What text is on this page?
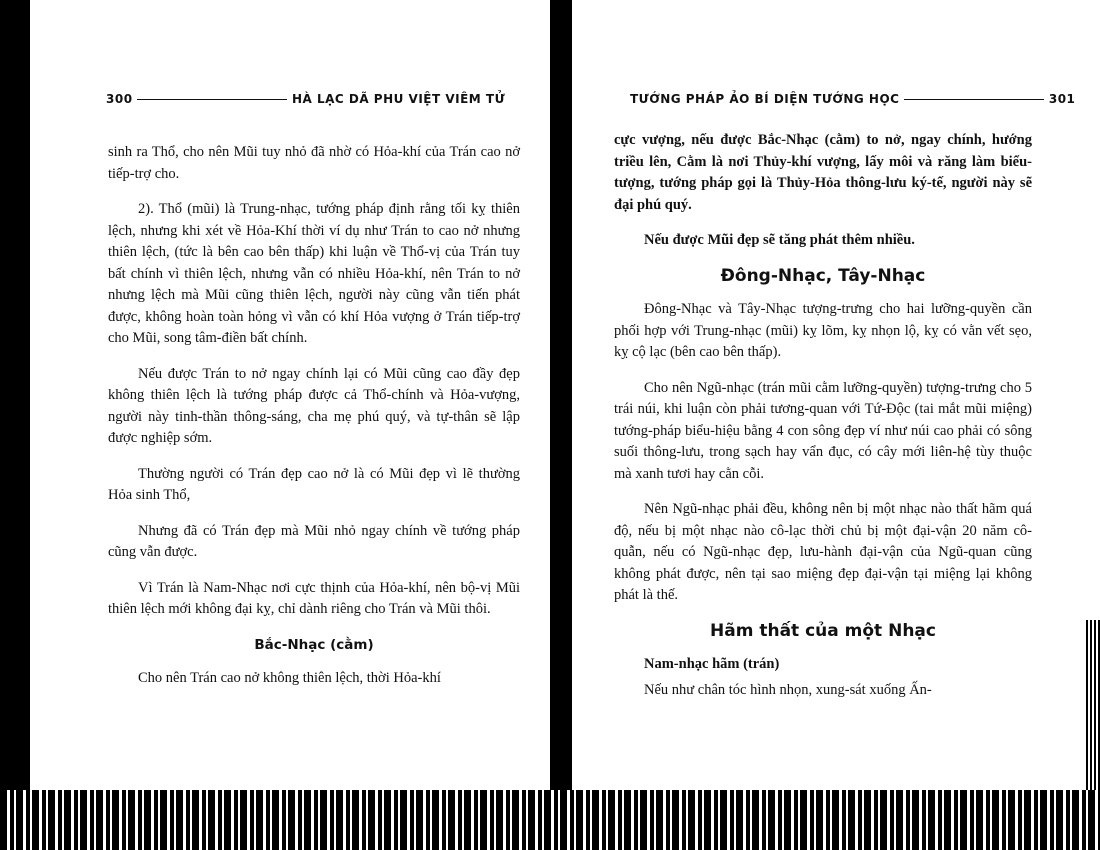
300	HÀ LẠC DÃ PHU VIỆT VIÊM TỬ

sinh ra Thổ, cho nên Mũi tuy nhỏ đã nhờ có Hỏa-khí của Trán cao nở tiếp-trợ cho.

2). Thổ (mũi) là Trung-nhạc, tướng pháp định rằng tối kỵ thiên lệch, nhưng khi xét về Hỏa-Khí thời ví dụ như Trán to cao nở nhưng thiên lệch, (tức là bên cao bên thấp) khi luận về Thổ-vị của Trán tuy bất chính vì thiên lệch, nhưng vẫn có nhiều Hỏa-khí, nên Trán to nở nhưng lệch mà Mũi cũng thiên lệch, người này cũng vẫn tiến phát được, không hoàn toàn hỏng vì vẫn có khí Hỏa vượng ở Trán tiếp-trợ cho Mũi, song tâm-điền bất chính.

Nếu được Trán to nở ngay chính lại có Mũi cũng cao đầy đẹp không thiên lệch là tướng pháp được cả Thổ-chính và Hỏa-vượng, người này tinh-thần thông-sáng, cha mẹ phú quý, và tự-thân sẽ lập được nghiệp sớm.

Thường người có Trán đẹp cao nở là có Mũi đẹp vì lẽ thường Hỏa sinh Thổ,

Nhưng đã có Trán đẹp mà Mũi nhỏ ngay chính về tướng pháp cũng vẫn được.

Vì Trán là Nam-Nhạc nơi cực thịnh của Hỏa-khí, nên bộ-vị Mũi thiên lệch mới không đại kỵ, chỉ dành riêng cho Trán và Mũi thôi.

Bắc-Nhạc (cằm)

Cho nên Trán cao nở không thiên lệch, thời Hỏa-khí

TƯỚNG PHÁP ẢO BÍ DIỆN TƯỚNG HỌC	301

cực vượng, nếu được Bắc-Nhạc (cằm) to nở, ngay chính, hướng triều lên, Cằm là nơi Thủy-khí vượng, lấy môi và răng làm biểu-tượng, tướng pháp gọi là Thủy-Hỏa thông-lưu ký-tế, người này sẽ đại phú quý.

Nếu được Mũi đẹp sẽ tăng phát thêm nhiều.

Đông-Nhạc, Tây-Nhạc

Đông-Nhạc và Tây-Nhạc tượng-trưng cho hai lưỡng-quyền cần phối hợp với Trung-nhạc (mũi) kỵ lõm, kỵ nhọn lộ, kỵ có vằn vết sẹo, kỵ cộ lạc (bên cao bên thấp).

Cho nên Ngũ-nhạc (trán mũi cằm lưỡng-quyền) tượng-trưng cho 5 trái núi, khi luận còn phải tương-quan với Tứ-Độc (tai mắt mũi miệng) tướng-pháp biểu-hiệu bằng 4 con sông đẹp ví như núi cao phải có sông suối thông-lưu, trong sạch hay vẩn đục, có cây mới liên-hệ tùy thuộc mà xanh tươi hay cằn cỗi.

Nên Ngũ-nhạc phải đều, không nên bị một nhạc nào thất hãm quá độ, nếu bị một nhạc nào cô-lạc thời chủ bị một đại-vận 20 năm cô-quẫn, nếu có Ngũ-nhạc đẹp, lưu-hành đại-vận của Ngũ-quan cũng không phát được, nên tại sao miệng đẹp đại-vận tại miệng lại không phát là thế.

Hãm thất của một Nhạc

Nam-nhạc hãm (trán)

Nếu như chân tóc hình nhọn, xung-sát xuống Ấn-
